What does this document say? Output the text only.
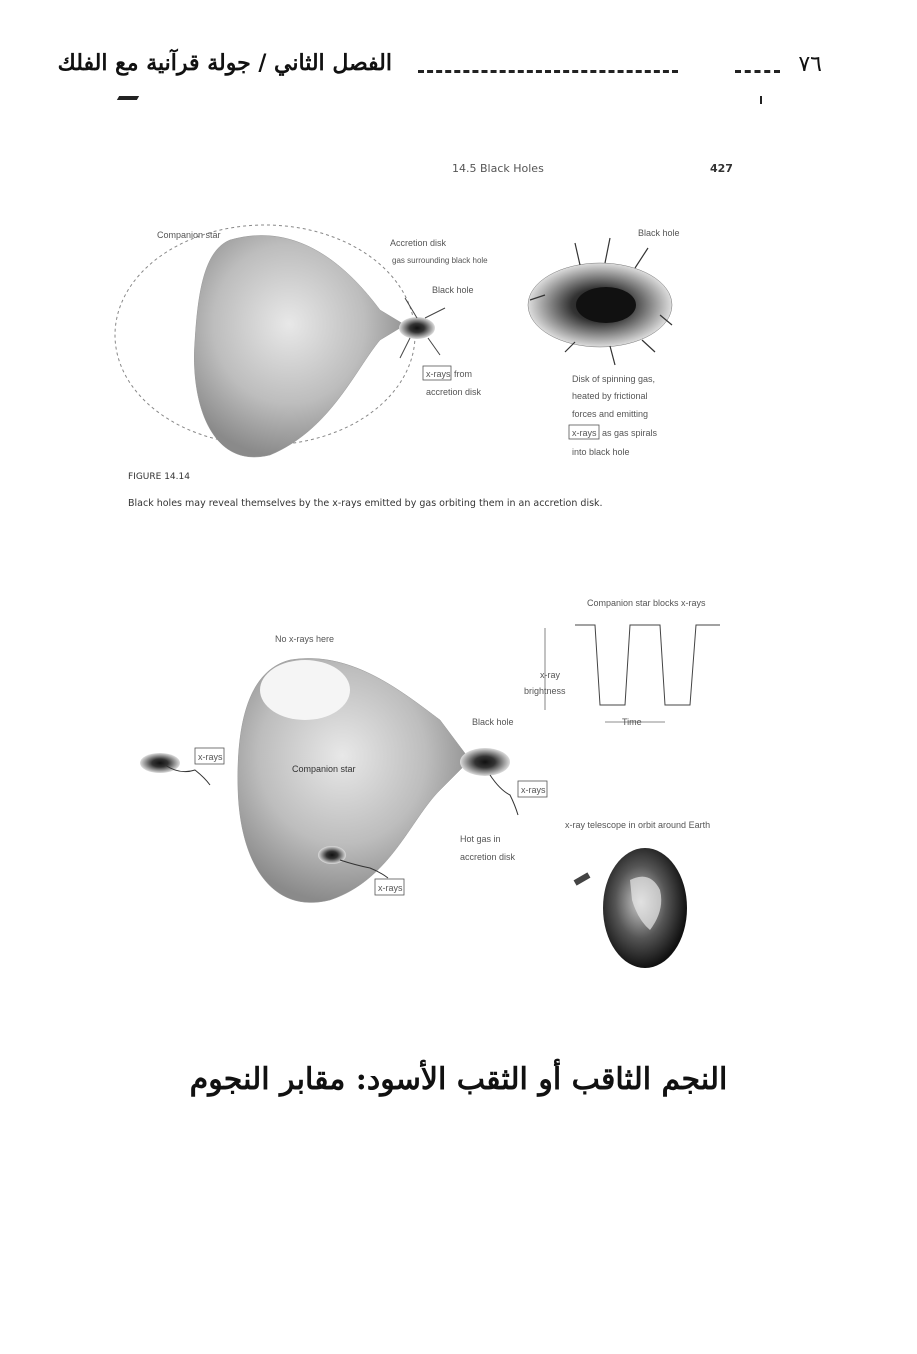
٧٦
الفصل الثاني / جولة قرآنية مع الفلك
14.5 Black Holes	427
Companion star
Accretion disk
gas surrounding black hole
Black hole
x-rays from
accretion disk
Black hole
Disk of spinning gas,
heated by frictional
forces and emitting
x-rays as gas spirals
into black hole
Companion star blocks x-rays
No x-rays here
x-ray
brightness
Time
Black hole
x-rays
Companion star
x-rays
Hot gas in
accretion disk
x-rays
x-ray telescope in orbit around Earth
FIGURE 14.14
Black holes may reveal themselves by the x-rays emitted by gas orbiting them in an accretion disk.
النجم الثاقب أو الثقب الأسود: مقابر النجوم
